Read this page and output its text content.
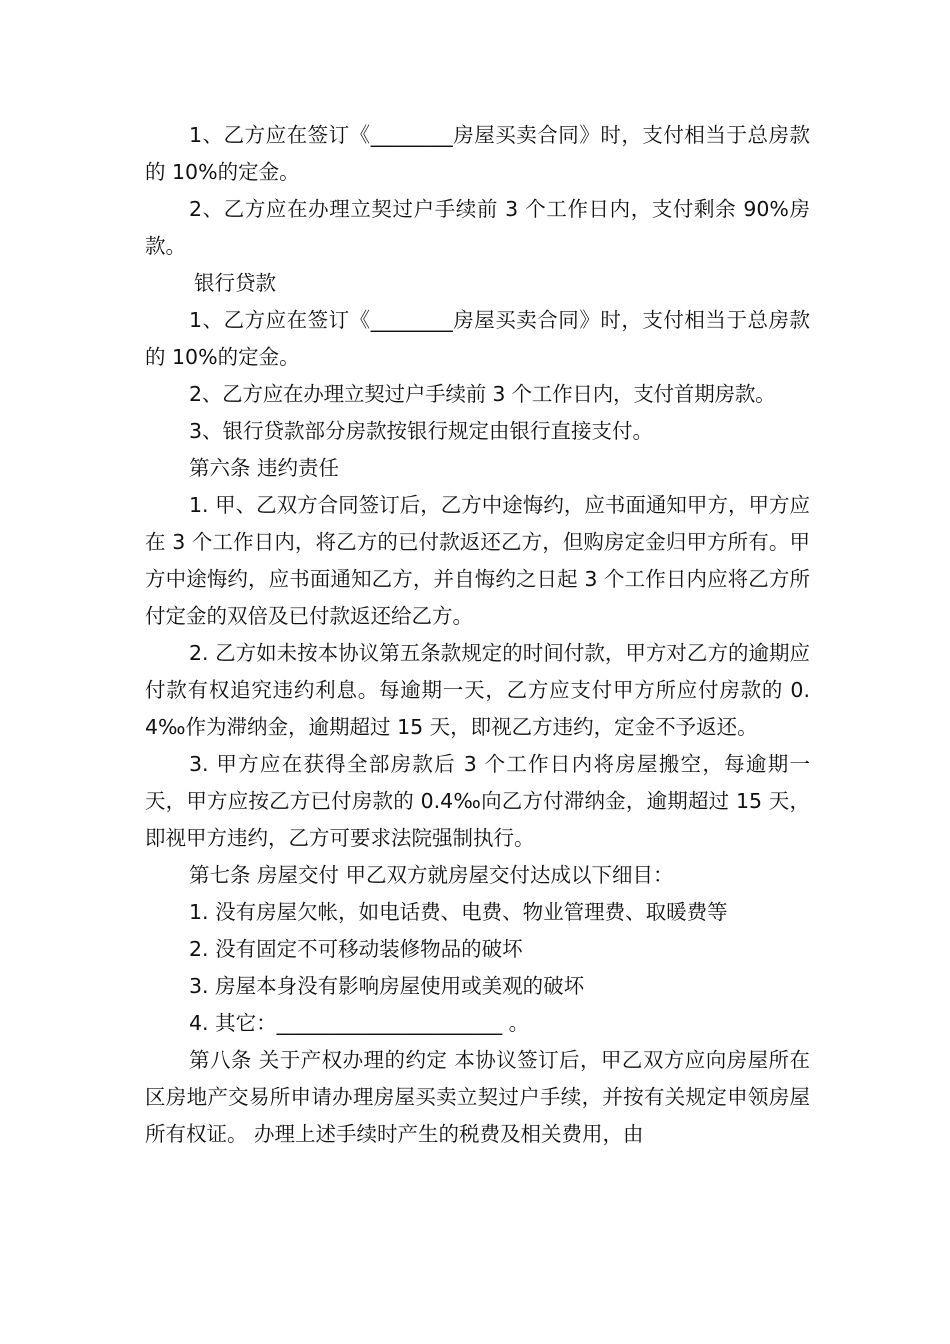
1、乙方应在签订《________房屋买卖合同》时，支付相当于总房款的 10%的定金。

2、乙方应在办理立契过户手续前 3 个工作日内，支付剩余 90%房款。

银行贷款

1、乙方应在签订《________房屋买卖合同》时，支付相当于总房款的 10%的定金。

2、乙方应在办理立契过户手续前 3 个工作日内，支付首期房款。

3、银行贷款部分房款按银行规定由银行直接支付。

第六条 违约责任

1. 甲、乙双方合同签订后，乙方中途悔约，应书面通知甲方，甲方应在 3 个工作日内，将乙方的已付款返还乙方，但购房定金归甲方所有。甲方中途悔约，应书面通知乙方，并自悔约之日起 3 个工作日内应将乙方所付定金的双倍及已付款返还给乙方。

2. 乙方如未按本协议第五条款规定的时间付款，甲方对乙方的逾期应付款有权追究违约利息。每逾期一天，乙方应支付甲方所应付房款的 0.4‰作为滞纳金，逾期超过 15 天，即视乙方违约，定金不予返还。

3. 甲方应在获得全部房款后 3 个工作日内将房屋搬空，每逾期一天，甲方应按乙方已付房款的 0.4‰向乙方付滞纳金，逾期超过 15 天，即视甲方违约，乙方可要求法院强制执行。

第七条 房屋交付 甲乙双方就房屋交付达成以下细目：

1. 没有房屋欠帐，如电话费、电费、物业管理费、取暖费等

2. 没有固定不可移动装修物品的破坏

3. 房屋本身没有影响房屋使用或美观的破坏

4. 其它：______________________ 。

第八条 关于产权办理的约定 本协议签订后，甲乙双方应向房屋所在区房地产交易所申请办理房屋买卖立契过户手续，并按有关规定申领房屋所有权证。 办理上述手续时产生的税费及相关费用，由
